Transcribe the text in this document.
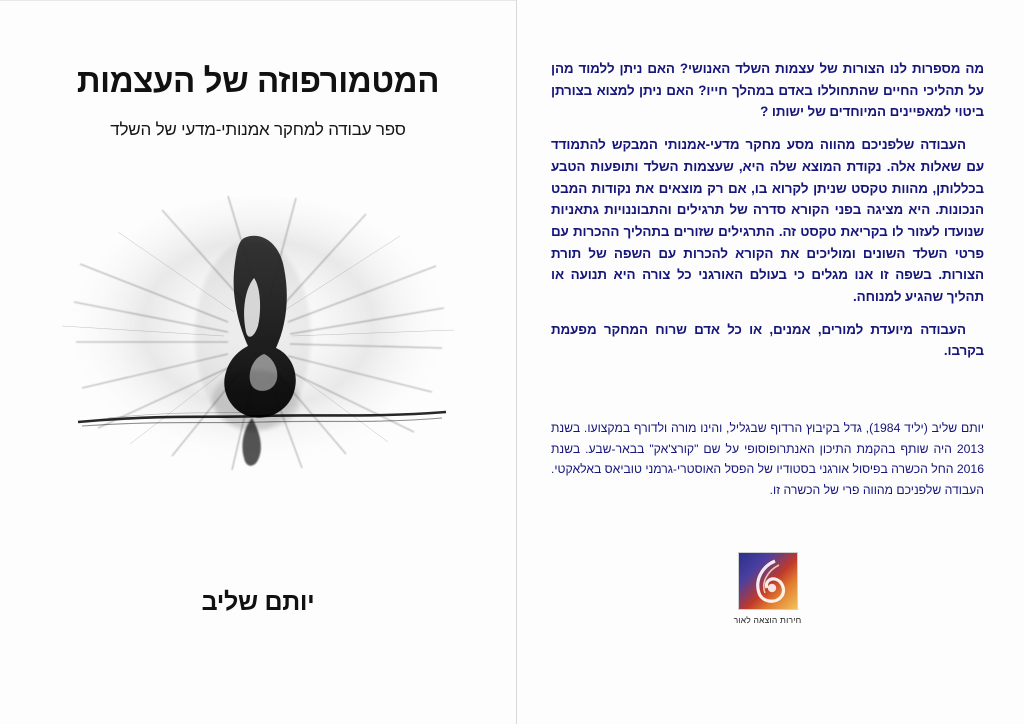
המטמורפוזה של העצמות
ספר עבודה למחקר אמנותי-מדעי של השלד
יותם שליב

מה מספרות לנו הצורות של עצמות השלד האנושי? האם ניתן ללמוד מהן על תהליכי החיים שהתחוללו באדם במהלך חייו? האם ניתן למצוא בצורתן ביטוי למאפיינים המיוחדים של ישותו ?

העבודה שלפניכם מהווה מסע מחקר מדעי-אמנותי המבקש להתמודד עם שאלות אלה. נקודת המוצא שלה היא, שעצמות השלד ותופעות הטבע בכללותן, מהוות טקסט שניתן לקרוא בו, אם רק מוצאים את נקודות המבט הנכונות. היא מציגה בפני הקורא סדרה של תרגילים והתבוננויות גתאניות שנועדו לעזור לו בקריאת טקסט זה. התרגילים שזורים בתהליך ההכרות עם פרטי השלד השונים ומוליכים את הקורא להכרות עם השפה של תורת הצורות. בשפה זו אנו מגלים כי בעולם האורגני כל צורה היא תנועה או תהליך שהגיע למנוחה.

העבודה מיועדת למורים, אמנים, או כל אדם שרוח המחקר מפעמת בקרבו.

יותם שליב (יליד 1984), גדל בקיבוץ הרדוף שבגליל, והינו מורה ולדורף במקצועו. בשנת 2013 היה שותף בהקמת התיכון האנתרופוסופי על שם "קורצ'אק" בבאר-שבע. בשנת 2016 החל הכשרה בפיסול אורגני בסטודיו של הפסל האוסטרי-גרמני טוביאס באלאקטי. העבודה שלפניכם מהווה פרי של הכשרה זו.

חירות הוצאה לאור
